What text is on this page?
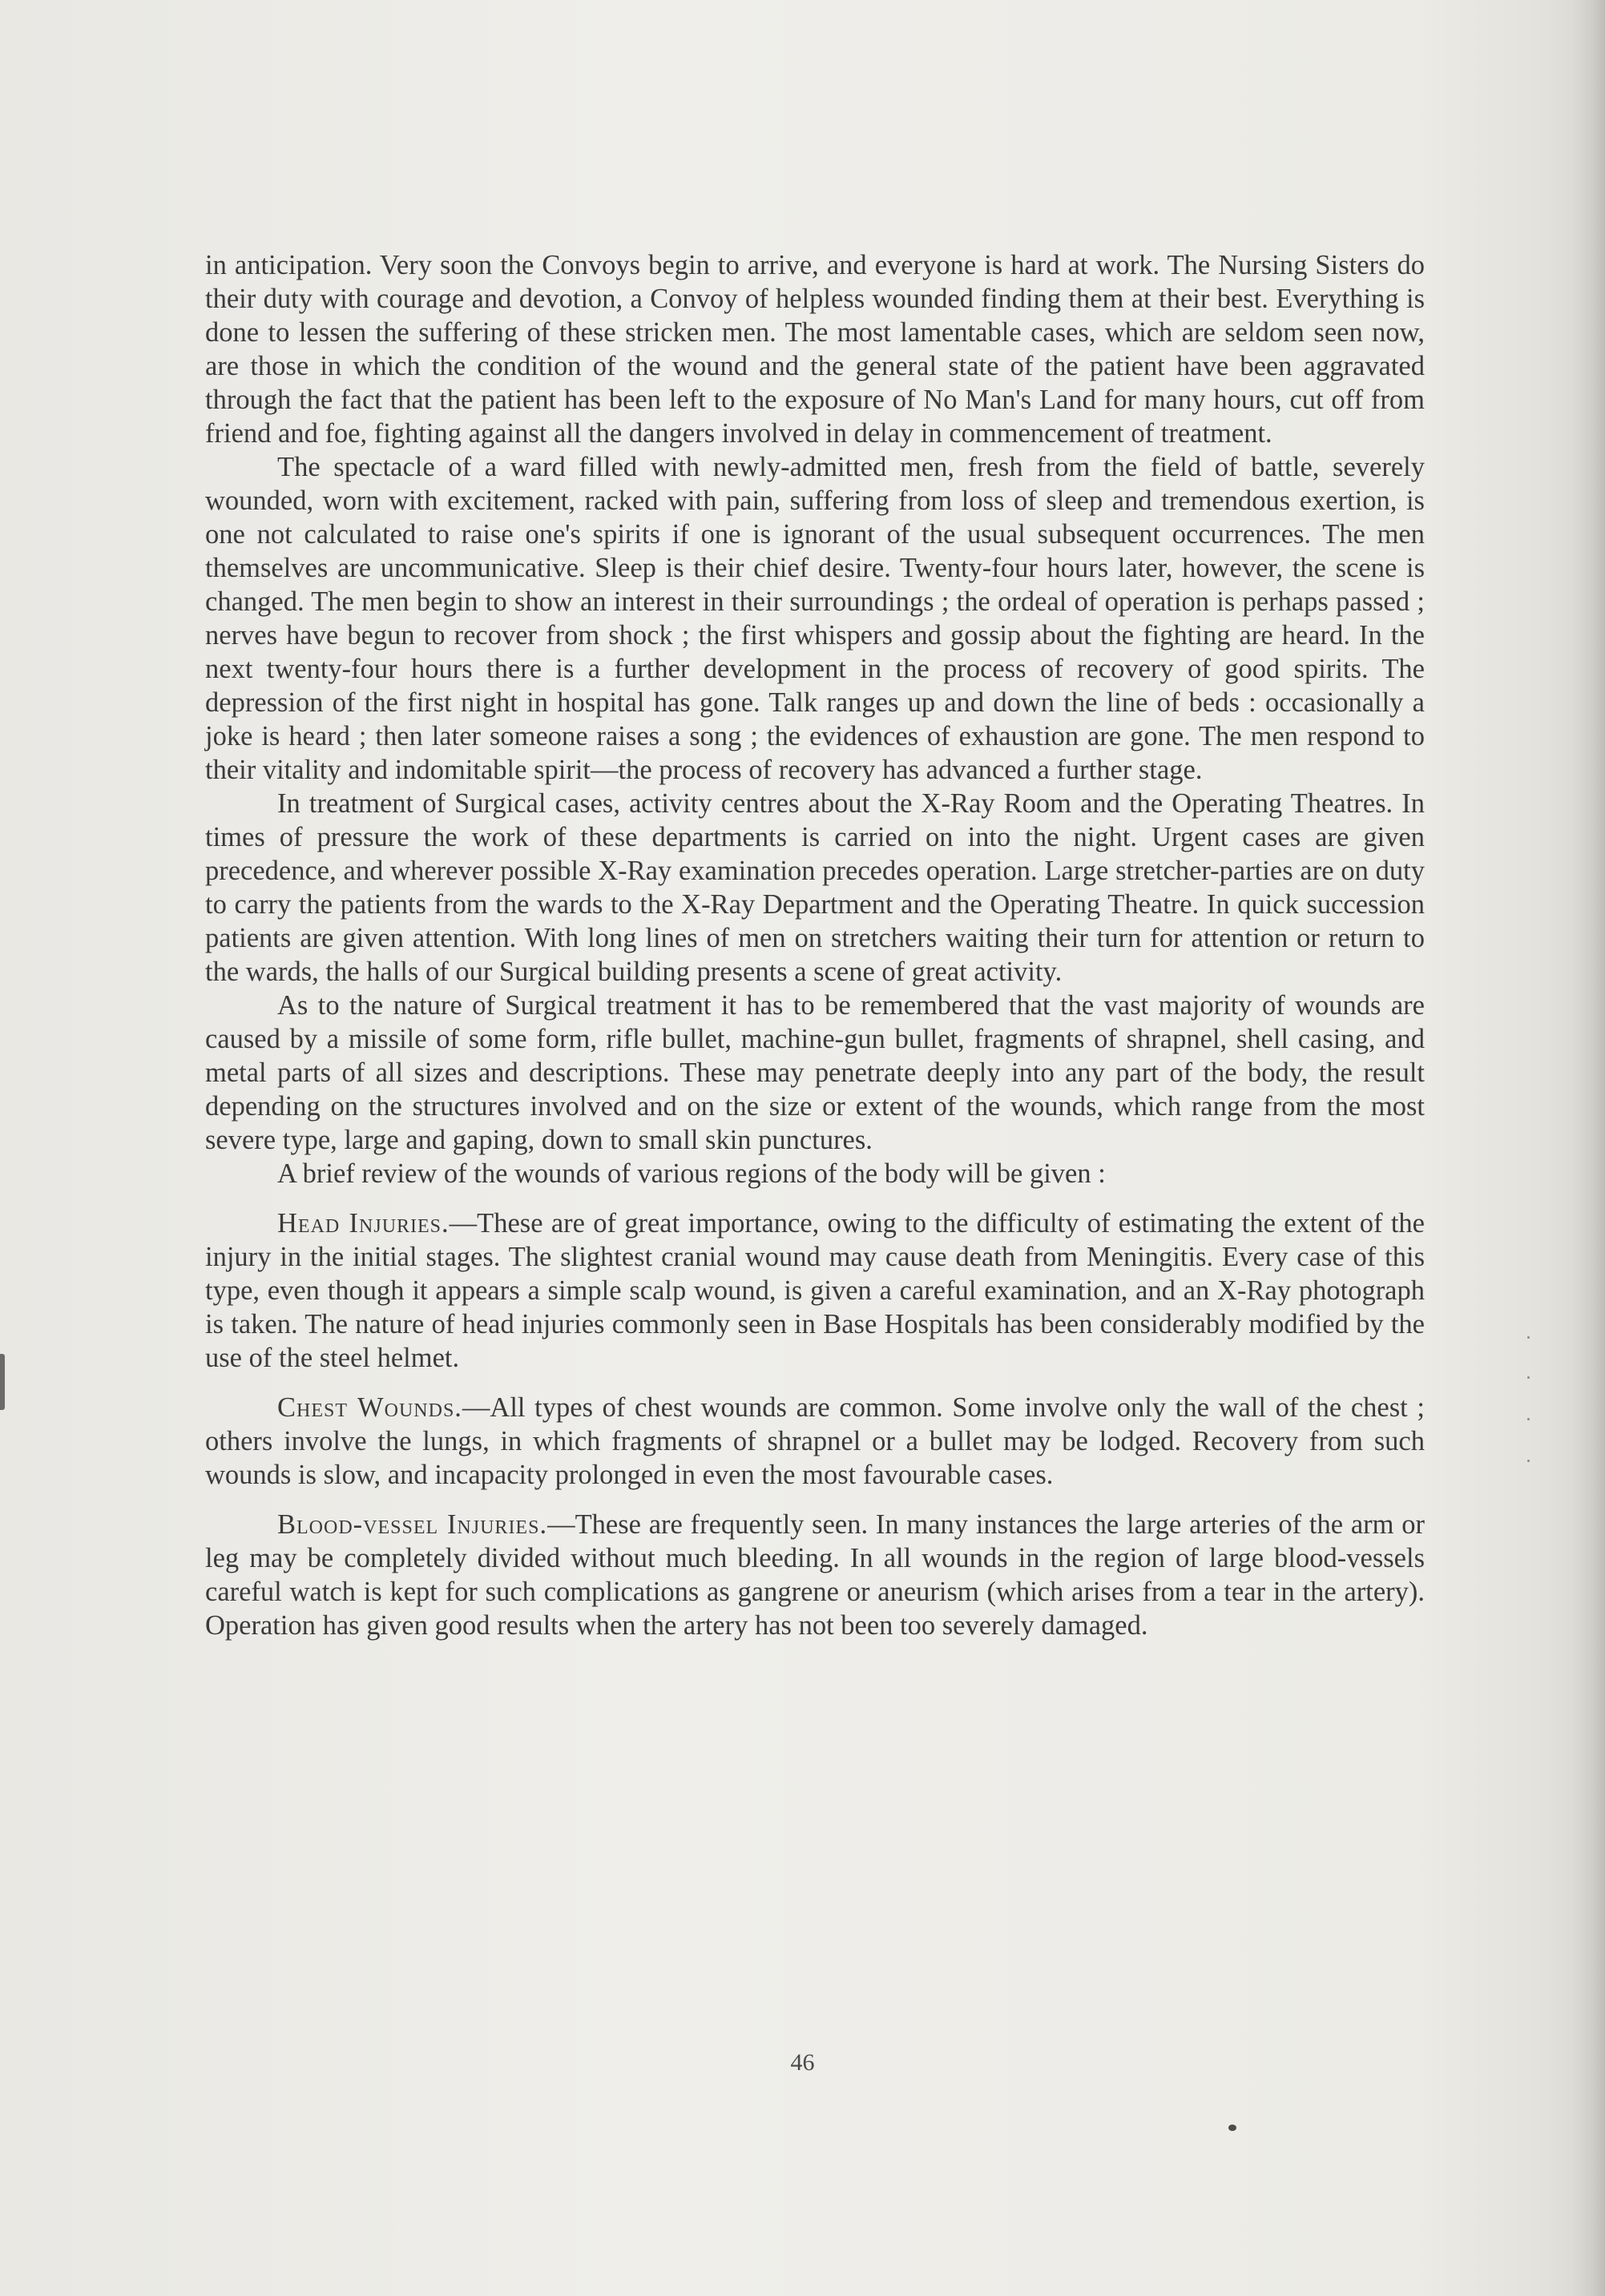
in anticipation. Very soon the Convoys begin to arrive, and everyone is hard at work. The Nursing Sisters do their duty with courage and devotion, a Convoy of helpless wounded finding them at their best. Everything is done to lessen the suffering of these stricken men. The most lamentable cases, which are seldom seen now, are those in which the condition of the wound and the general state of the patient have been aggravated through the fact that the patient has been left to the exposure of No Man's Land for many hours, cut off from friend and foe, fighting against all the dangers involved in delay in commencement of treatment.

The spectacle of a ward filled with newly-admitted men, fresh from the field of battle, severely wounded, worn with excitement, racked with pain, suffering from loss of sleep and tremendous exertion, is one not calculated to raise one's spirits if one is ignorant of the usual subsequent occurrences. The men themselves are uncommunicative. Sleep is their chief desire. Twenty-four hours later, however, the scene is changed. The men begin to show an interest in their surroundings ; the ordeal of operation is perhaps passed ; nerves have begun to recover from shock ; the first whispers and gossip about the fighting are heard. In the next twenty-four hours there is a further development in the process of recovery of good spirits. The depression of the first night in hospital has gone. Talk ranges up and down the line of beds : occasionally a joke is heard ; then later someone raises a song ; the evidences of exhaustion are gone. The men respond to their vitality and indomitable spirit—the process of recovery has advanced a further stage.

In treatment of Surgical cases, activity centres about the X-Ray Room and the Operating Theatres. In times of pressure the work of these departments is carried on into the night. Urgent cases are given precedence, and wherever possible X-Ray examination precedes operation. Large stretcher-parties are on duty to carry the patients from the wards to the X-Ray Department and the Operating Theatre. In quick succession patients are given attention. With long lines of men on stretchers waiting their turn for attention or return to the wards, the halls of our Surgical building presents a scene of great activity.

As to the nature of Surgical treatment it has to be remembered that the vast majority of wounds are caused by a missile of some form, rifle bullet, machine-gun bullet, fragments of shrapnel, shell casing, and metal parts of all sizes and descriptions. These may penetrate deeply into any part of the body, the result depending on the structures involved and on the size or extent of the wounds, which range from the most severe type, large and gaping, down to small skin punctures.

A brief review of the wounds of various regions of the body will be given :

Head Injuries.—These are of great importance, owing to the difficulty of estimating the extent of the injury in the initial stages. The slightest cranial wound may cause death from Meningitis. Every case of this type, even though it appears a simple scalp wound, is given a careful examination, and an X-Ray photograph is taken. The nature of head injuries commonly seen in Base Hospitals has been considerably modified by the use of the steel helmet.

Chest Wounds.—All types of chest wounds are common. Some involve only the wall of the chest ; others involve the lungs, in which fragments of shrapnel or a bullet may be lodged. Recovery from such wounds is slow, and incapacity prolonged in even the most favourable cases.

Blood-vessel Injuries.—These are frequently seen. In many instances the large arteries of the arm or leg may be completely divided without much bleeding. In all wounds in the region of large blood-vessels careful watch is kept for such complications as gangrene or aneurism (which arises from a tear in the artery). Operation has given good results when the artery has not been too severely damaged.

46
